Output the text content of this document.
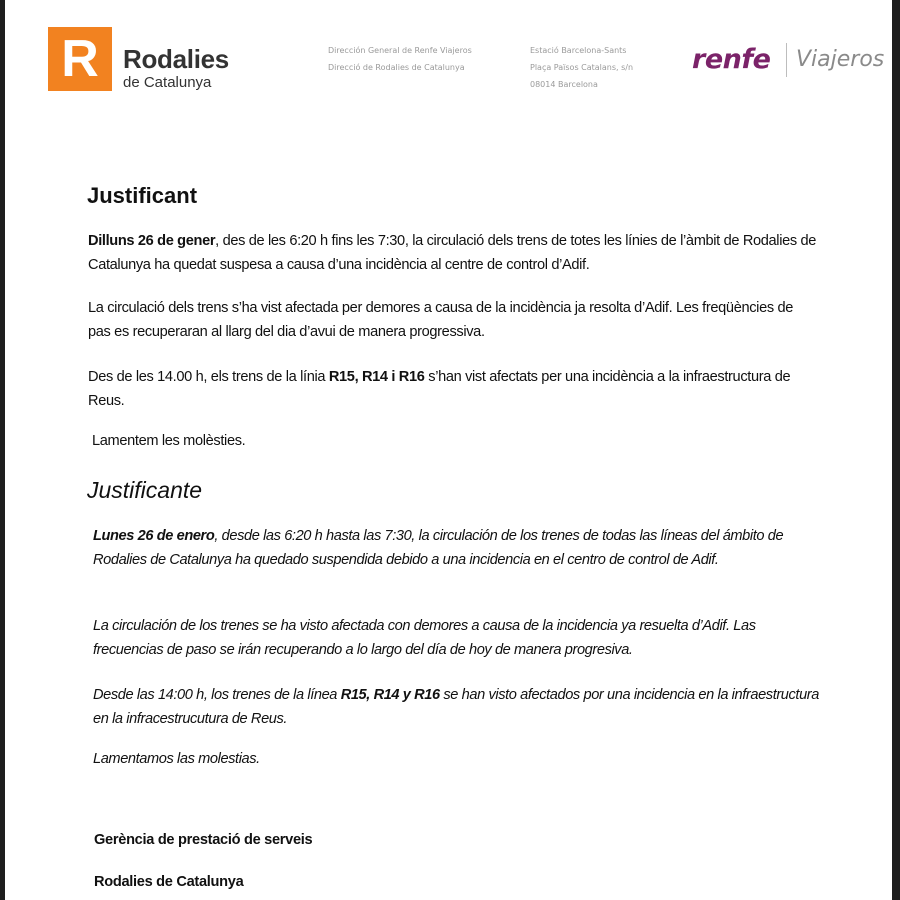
R Rodalies
de Catalunya
Dirección General de Renfe Viajeros
Direcció de Rodalies de Catalunya
Estació Barcelona-Sants
Plaça Països Catalans, s/n
08014 Barcelona
renfe Viajeros
Justificant
Dilluns 26 de gener, des de les 6:20 h fins les 7:30, la circulació dels trens de totes les línies de l’àmbit de Rodalies de Catalunya ha quedat suspesa a causa d’una incidència al centre de control d’Adif.
La circulació dels trens s’ha vist afectada per demores a causa de la incidència ja resolta d’Adif. Les freqüències de pas es recuperaran al llarg del dia d’avui de manera progressiva.
Des de les 14.00 h, els trens de la línia R15, R14 i R16 s’han vist afectats per una incidència a la infraestructura de Reus.
Lamentem les molèsties.
Justificante
Lunes 26 de enero, desde las 6:20 h hasta las 7:30, la circulación de los trenes de todas las líneas del ámbito de Rodalies de Catalunya ha quedado suspendida debido a una incidencia en el centro de control de Adif.
La circulación de los trenes se ha visto afectada con demores a causa de la incidencia ya resuelta d’Adif. Las frecuencias de paso se irán recuperando a lo largo del día de hoy de manera progresiva.
Desde las 14:00 h, los trenes de la línea R15, R14 y R16 se han visto afectados por una incidencia en la infraestructura en la infracestrucutura de Reus.
Lamentamos las molestias.
Gerència de prestació de serveis
Rodalies de Catalunya
